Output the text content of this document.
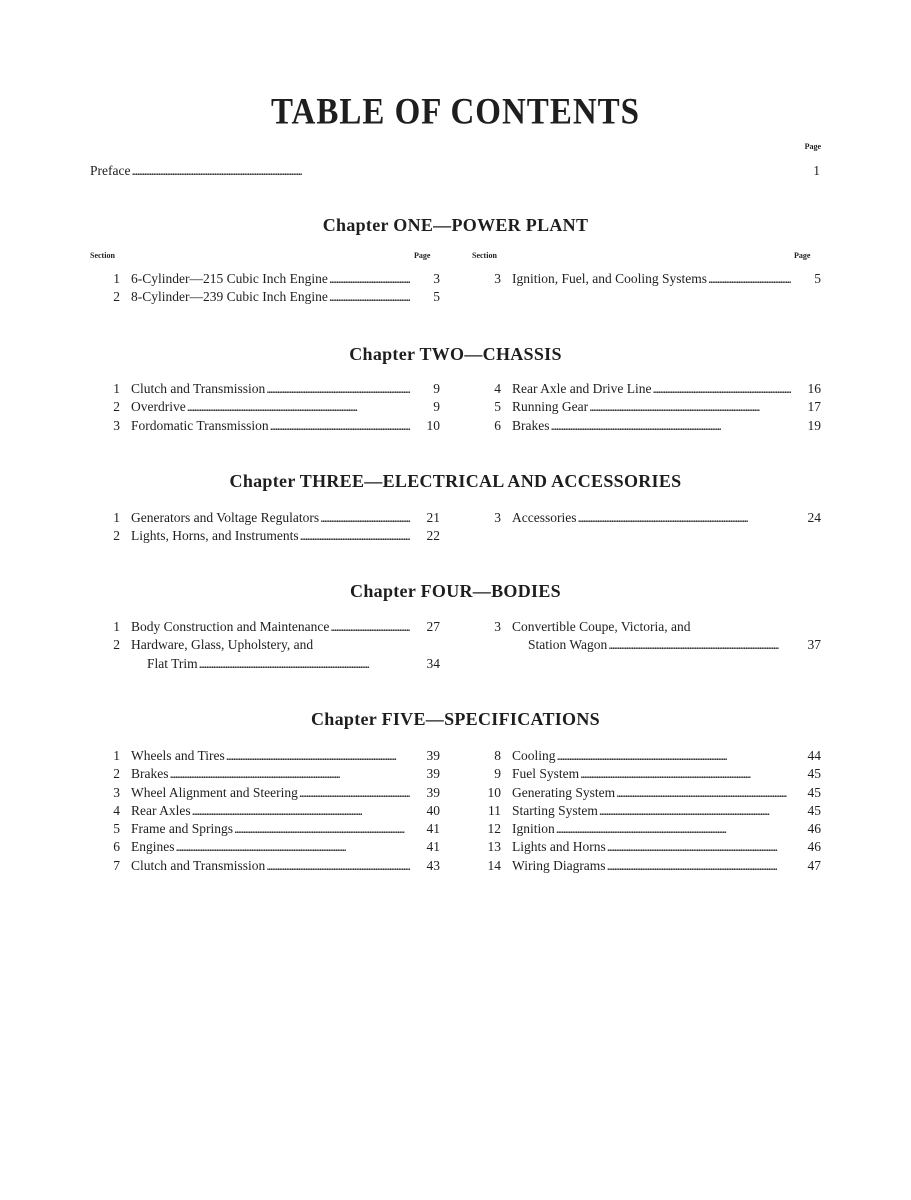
TABLE OF CONTENTS
Page
Preface . . .	1
Chapter ONE—POWER PLANT
Section	Page	Section	Page
1 6-Cylinder—215 Cubic Inch Engine . . .	3
2 8-Cylinder—239 Cubic Inch Engine . . .	5
3 Ignition, Fuel, and Cooling Systems . . .	5
Chapter TWO—CHASSIS
1 Clutch and Transmission . . .	9
2 Overdrive . . .	9
3 Fordomatic Transmission . . .	10
4 Rear Axle and Drive Line . . .	16
5 Running Gear . . .	17
6 Brakes . . .	19
Chapter THREE—ELECTRICAL AND ACCESSORIES
1 Generators and Voltage Regulators . . .	21
2 Lights, Horns, and Instruments . . .	22
3 Accessories . . .	24
Chapter FOUR—BODIES
1 Body Construction and Maintenance . . .	27
2 Hardware, Glass, Upholstery, and
Flat Trim . . .	34
3 Convertible Coupe, Victoria, and
Station Wagon . . .	37
Chapter FIVE—SPECIFICATIONS
1 Wheels and Tires . . .	39
2 Brakes . . .	39
3 Wheel Alignment and Steering . . .	39
4 Rear Axles . . .	40
5 Frame and Springs . . .	41
6 Engines . . .	41
7 Clutch and Transmission . . .	43
8 Cooling . . .	44
9 Fuel System . . .	45
10 Generating System . . .	45
11 Starting System . . .	45
12 Ignition . . .	46
13 Lights and Horns . . .	46
14 Wiring Diagrams . . .	47
